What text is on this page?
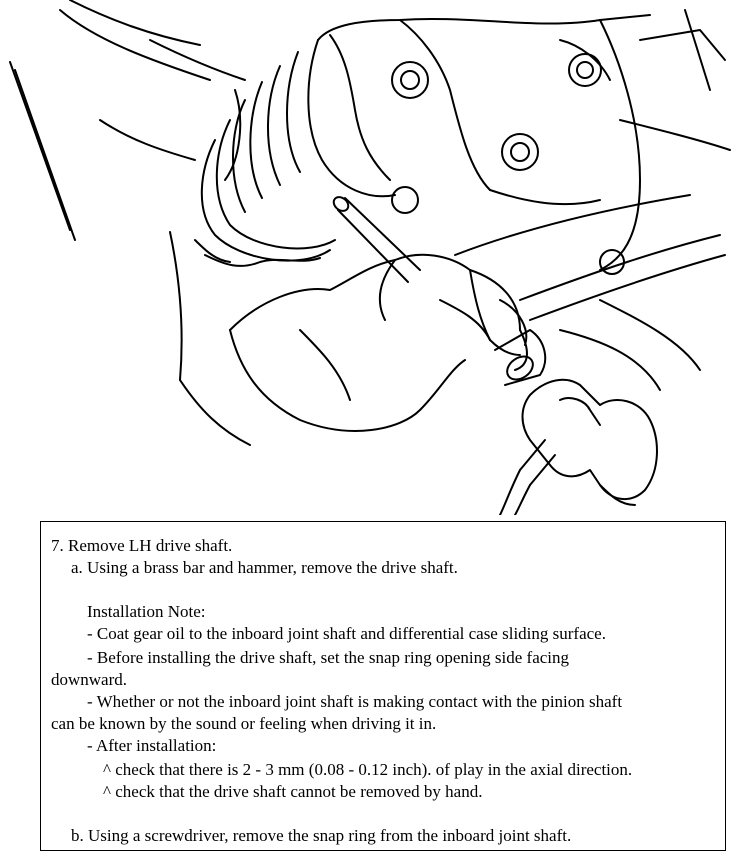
7. Remove LH drive shaft.
a. Using a brass bar and hammer, remove the drive shaft.
Installation Note:
- Coat gear oil to the inboard joint shaft and differential case sliding surface.
- Before installing the drive shaft, set the snap ring opening side facing
downward.
- Whether or not the inboard joint shaft is making contact with the pinion shaft
can be known by the sound or feeling when driving it in.
- After installation:
^ check that there is 2 - 3 mm (0.08 - 0.12 inch). of play in the axial direction.
^ check that the drive shaft cannot be removed by hand.
b. Using a screwdriver, remove the snap ring from the inboard joint shaft.
